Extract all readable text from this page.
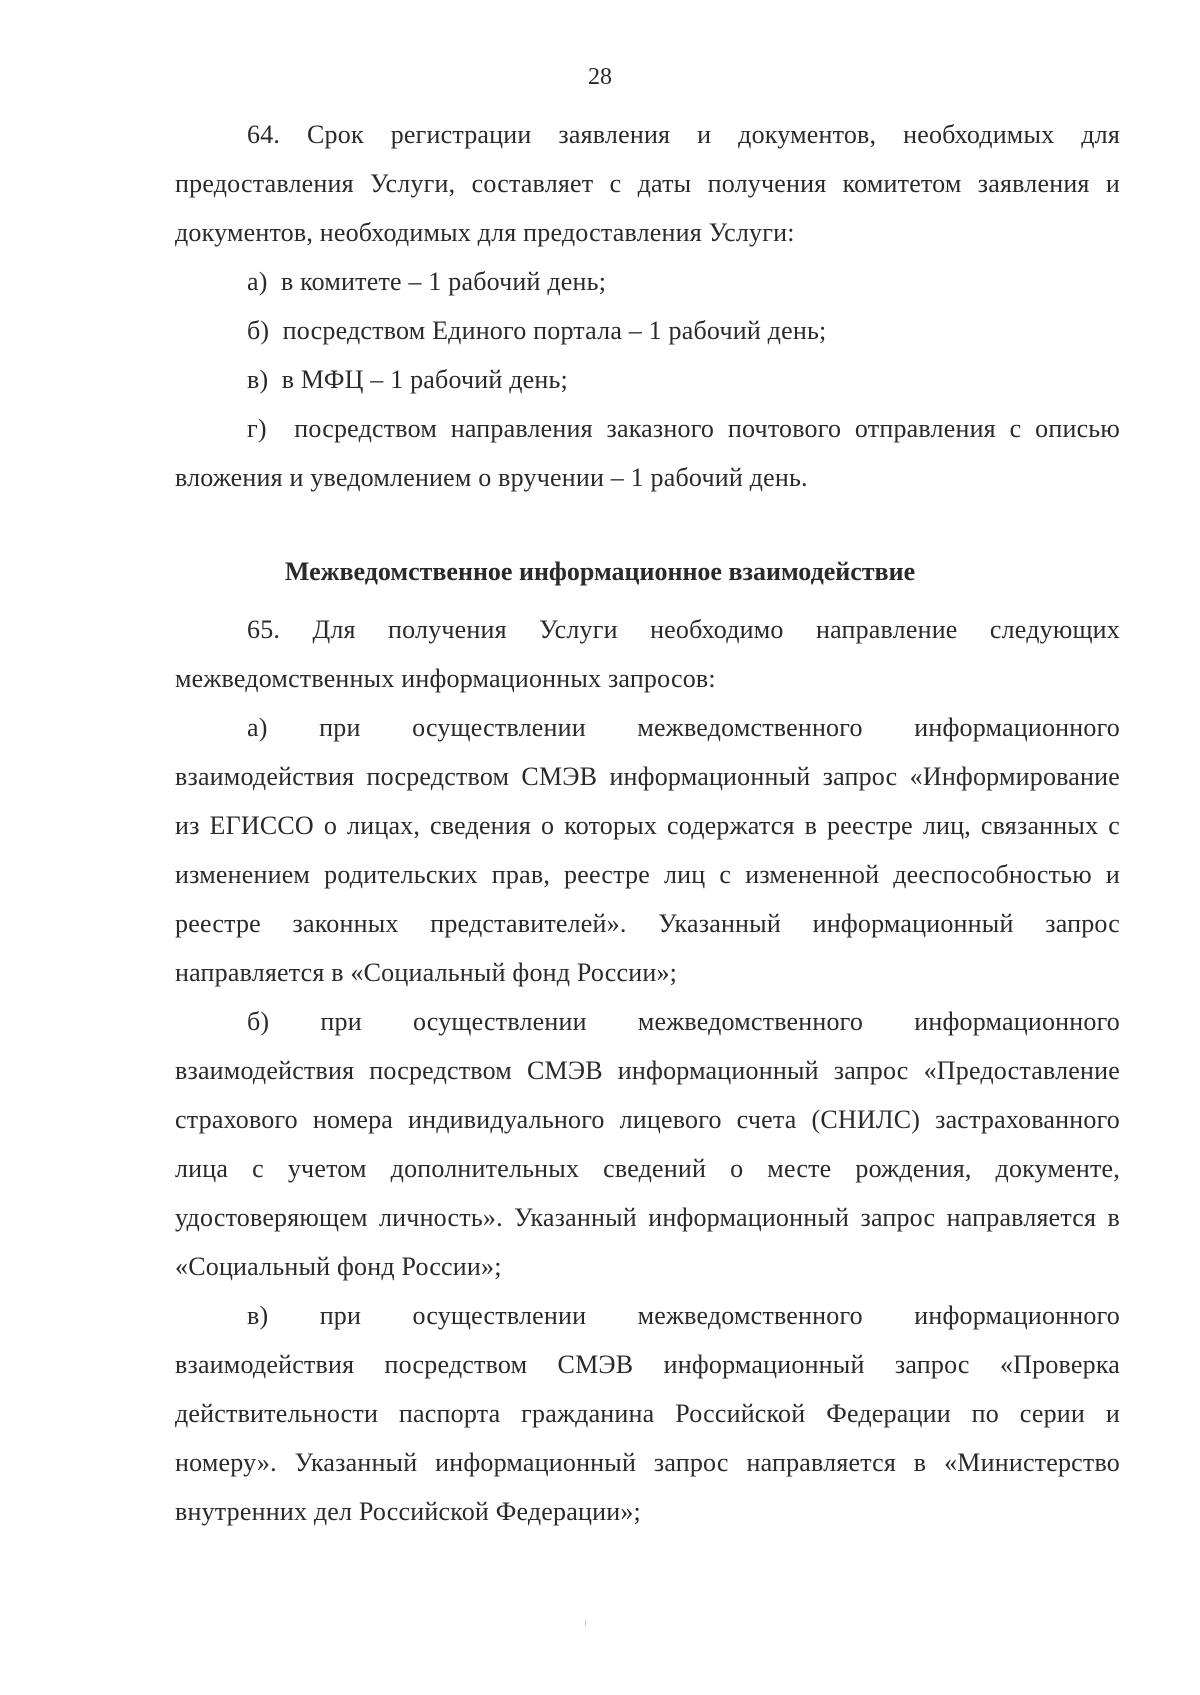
28

64. Срок регистрации заявления и документов, необходимых для предоставления Услуги, составляет с даты получения комитетом заявления и документов, необходимых для предоставления Услуги:

а)  в комитете – 1 рабочий день;

б)  посредством Единого портала – 1 рабочий день;

в)  в МФЦ – 1 рабочий день;

г)  посредством направления заказного почтового отправления с описью вложения и уведомлением о вручении – 1 рабочий день.

Межведомственное информационное взаимодействие

65. Для получения Услуги необходимо направление следующих межведомственных информационных запросов:

а) при осуществлении межведомственного информационного взаимодействия посредством СМЭВ информационный запрос «Информирование из ЕГИССО о лицах, сведения о которых содержатся в реестре лиц, связанных с изменением родительских прав, реестре лиц с измененной дееспособностью и реестре законных представителей». Указанный информационный запрос направляется в «Социальный фонд России»;

б) при осуществлении межведомственного информационного взаимодействия посредством СМЭВ информационный запрос «Предоставление страхового номера индивидуального лицевого счета (СНИЛС) застрахованного лица с учетом дополнительных сведений о месте рождения, документе, удостоверяющем личность». Указанный информационный запрос направляется в «Социальный фонд России»;

в) при осуществлении межведомственного информационного взаимодействия посредством СМЭВ информационный запрос «Проверка действительности паспорта гражданина Российской Федерации по серии и номеру». Указанный информационный запрос направляется в «Министерство внутренних дел Российской Федерации»;
